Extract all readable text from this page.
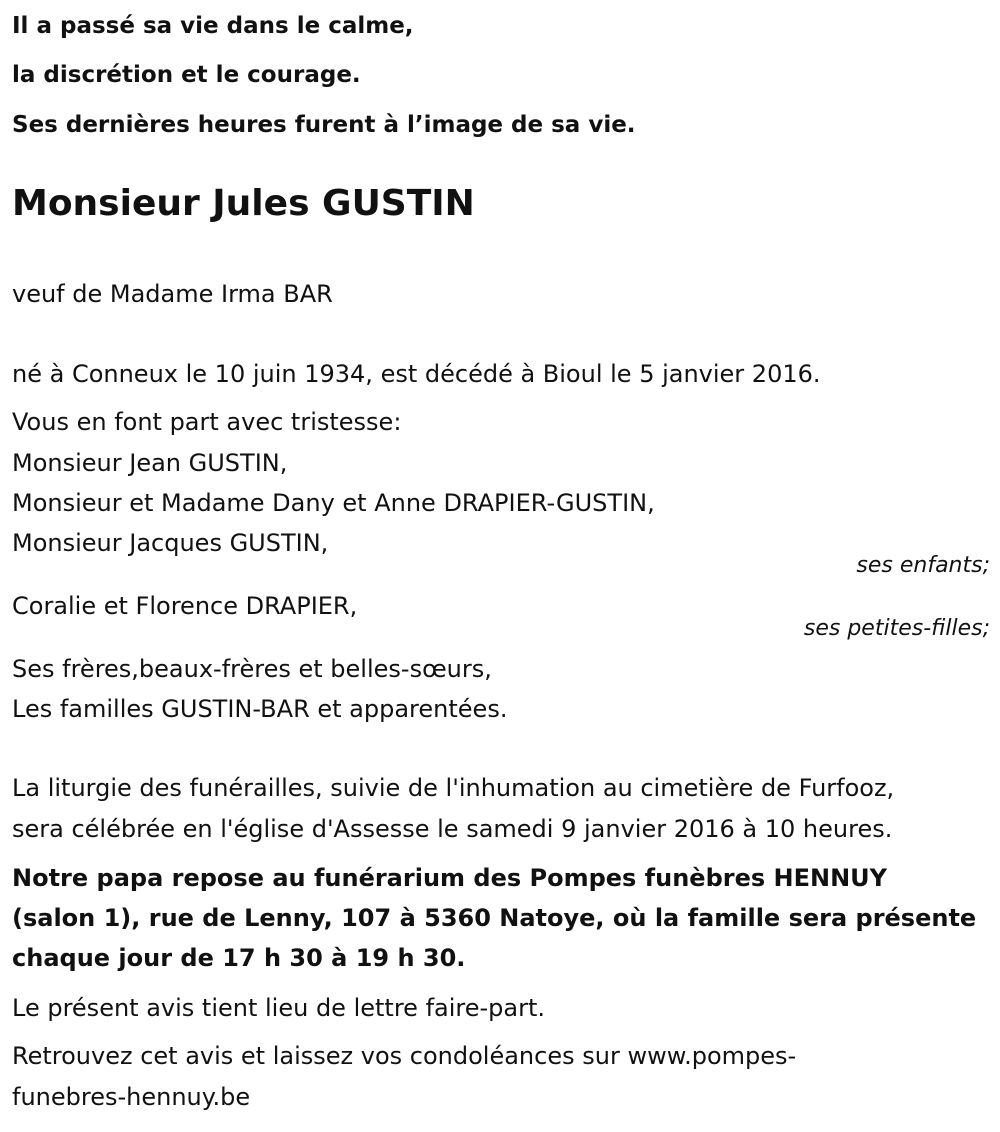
Il a passé sa vie dans le calme,

la discrétion et le courage.

Ses dernières heures furent à l’image de sa vie.

Monsieur Jules GUSTIN

veuf de Madame Irma BAR

né à Conneux le 10 juin 1934, est décédé à Bioul le 5 janvier 2016.

Vous en font part avec tristesse:

Monsieur Jean GUSTIN,

Monsieur et Madame Dany et Anne DRAPIER-GUSTIN,

Monsieur Jacques GUSTIN,

ses enfants;

Coralie et Florence DRAPIER,

ses petites-filles;

Ses frères,beaux-frères et belles-sœurs,

Les familles GUSTIN-BAR et apparentées.

La liturgie des funérailles, suivie de l'inhumation au cimetière de Furfooz,

sera célébrée en l'église d'Assesse le samedi 9 janvier 2016 à 10 heures.

Notre papa repose au funérarium des Pompes funèbres HENNUY

(salon 1), rue de Lenny, 107 à 5360 Natoye, où la famille sera présente

chaque jour de 17 h 30 à 19 h 30.

Le présent avis tient lieu de lettre faire-part.

Retrouvez cet avis et laissez vos condoléances sur www.pompes-

funebres-hennuy.be
